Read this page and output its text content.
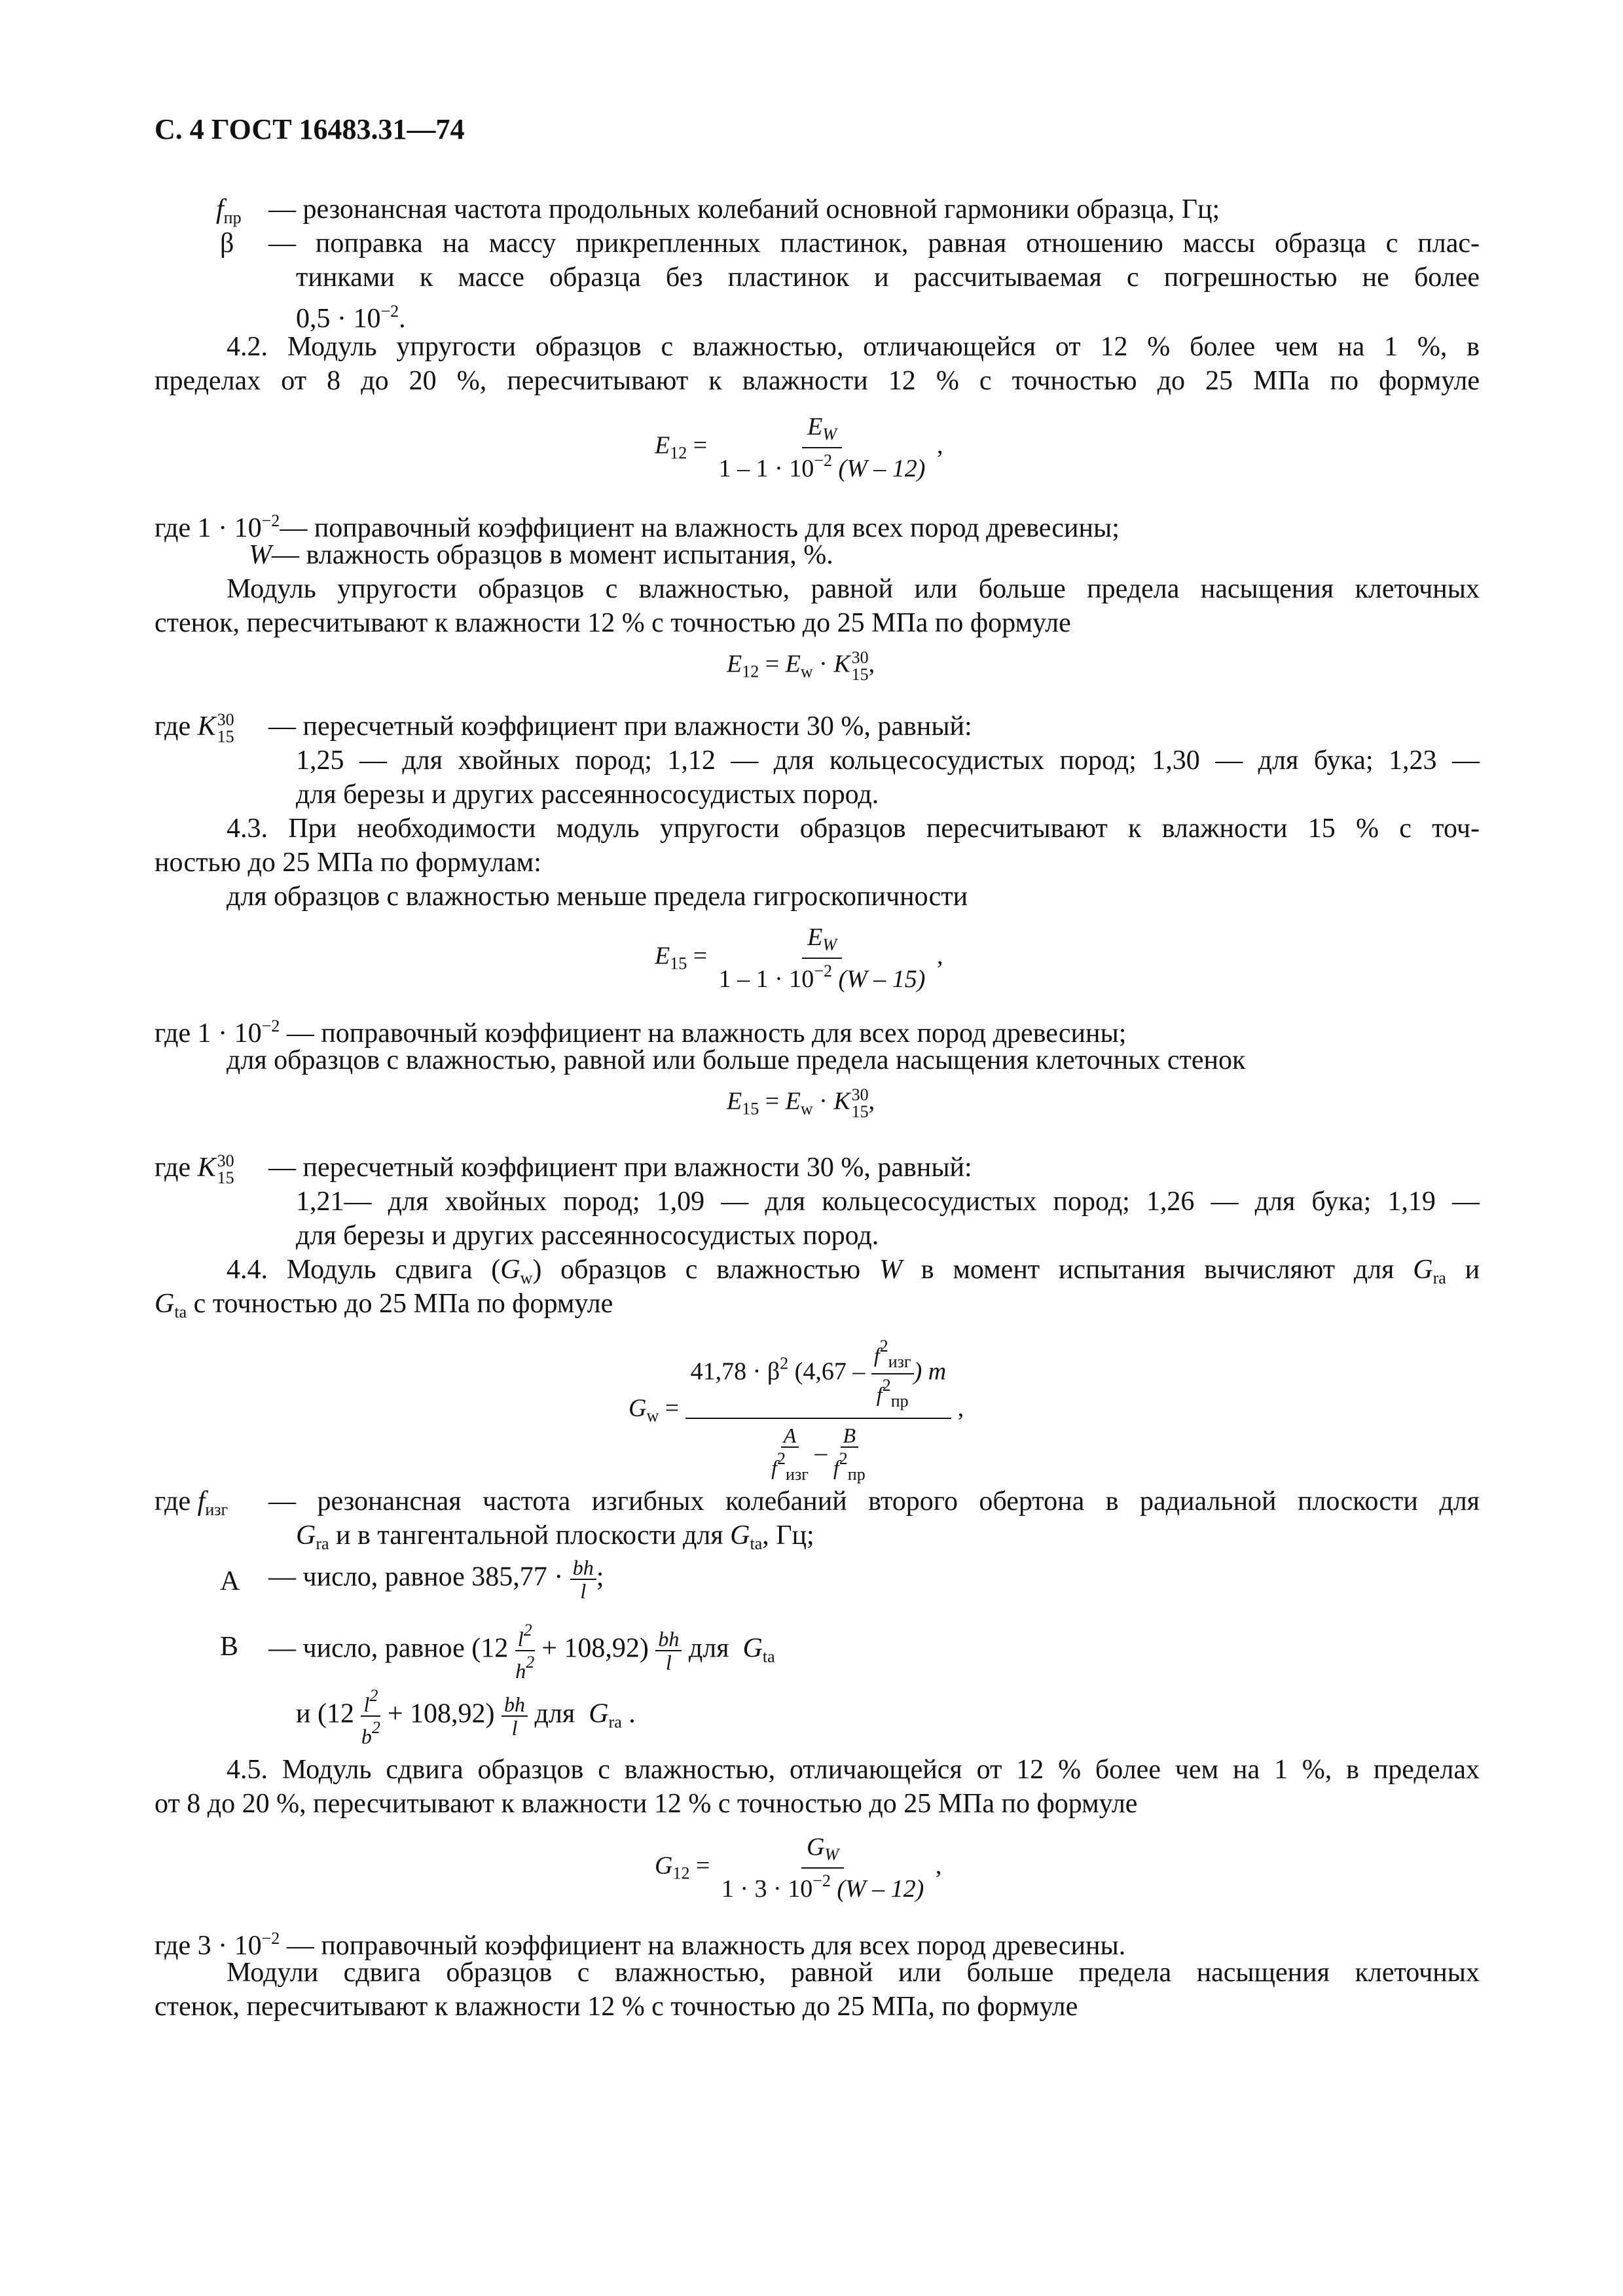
С. 4 ГОСТ 16483.31—74
$f_{пр}$ — резонансная частота продольных колебаний основной гармоники образца, Гц;
β — поправка на массу прикрепленных пластинок, равная отношению массы образца с плас-
тинками к массе образца без пластинок и рассчитываемая с погрешностью не более
$0,5 \cdot 10^{-2}$.
4.2. Модуль упругости образцов с влажностью, отличающейся от 12 % более чем на 1 %, в
пределах от 8 до 20 %, пересчитывают к влажности 12 % с точностью до 25 МПа по формуле
$E_{12} = \frac{E_W}{1 - 1 \cdot 10^{-2} (W - 12)}$ ,
где $1 \cdot 10^{-2}—$ поправочный коэффициент на влажность для всех пород древесины;
W— влажность образцов в момент испытания, %.
Модуль упругости образцов с влажностью, равной или больше предела насыщения клеточных
стенок, пересчитывают к влажности 12 % с точностью до 25 МПа по формуле
$E_{12} = E_w \cdot K$ 30
15 ,
где K 30
15 — пересчетный коэффициент при влажности 30 %, равный:
1,25 — для хвойных пород; 1,12 — для кольцесосудистых пород; 1,30 — для бука; 1,23 —
для березы и других рассеяннососудистых пород.
4.3. При необходимости модуль упругости образцов пересчитывают к влажности 15 % с точ-
ностью до 25 МПа по формулам:
для образцов с влажностью меньше предела гигроскопичности
$E_{15} = \frac{E_W}{1 - 1 \cdot 10^{-2} (W - 15)}$ ,
где $1 \cdot 10^{-2}$ — поправочный коэффициент на влажность для всех пород древесины;
для образцов с влажностью, равной или больше предела насыщения клеточных стенок
$E_{15} = E_w \cdot K$ 30
15 ,
где K 30
15 — пересчетный коэффициент при влажности 30 %, равный:
1,21— для хвойных пород; 1,09 — для кольцесосудистых пород; 1,26 — для бука; 1,19 —
для березы и других рассеяннососудистых пород.
4.4. Модуль сдвига $(G_w)$ образцов с влажностью W в момент испытания вычисляют для $G_{ra}$ и
$G_{ta}$ с точностью до 25 МПа по формуле
$G_w = 41,78 \cdot \beta^2$ (4,67 –
$f^2_{изг}$
$f^2_{пр}$
) m
A
$f^2_{изг}$
–
B
$f^2_{пр}$ ,
где $f_{изг}$ — резонансная частота изгибных колебаний второго обертона в радиальной плоскости для
$G_{ra}$ и в тангентальной плоскости для $G_{ta}$, Гц;
A — число, равное $385,77 \cdot \frac{bh}{l}$ ;
B — число, равное $(12 \frac{l^2}{h^2} + 108,92) \frac{bh}{l}$ для $G_{ta}$
и $(12 \frac{l^2}{b^2} + 108,92) \frac{bh}{l}$ для $G_{ra}$ .
4.5. Модуль сдвига образцов с влажностью, отличающейся от 12 % более чем на 1 %, в пределах
от 8 до 20 %, пересчитывают к влажности 12 % с точностью до 25 МПа по формуле
$G_{12} = \frac{G_W}{1 \cdot 3 \cdot 10^{-2} (W - 12)}$ ,
где $3 \cdot 10^{-2}$ — поправочный коэффициент на влажность для всех пород древесины.
Модули сдвига образцов с влажностью, равной или больше предела насыщения клеточных
стенок, пересчитывают к влажности 12 % с точностью до 25 МПа, по формуле
